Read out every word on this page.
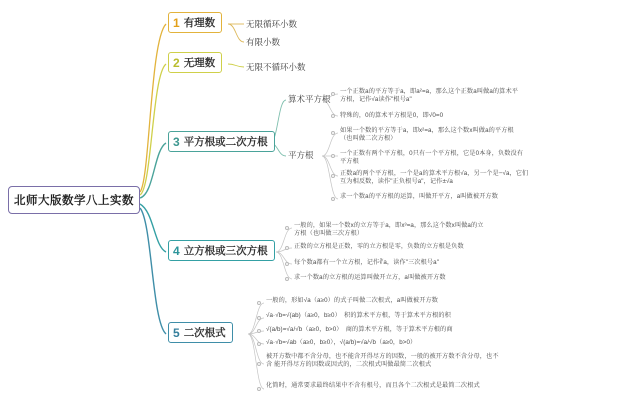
北师大版数学八上实数
1 有理数	无限循环小数
有限小数
2 无理数	无限不循环小数
3 平方根或二次方根
算术平方根
一个正数a的平方等于a，即a²=a，那么这个正数a叫做a的算术平方根，记作√a读作"根号a"
特殊的，0的算术平方根是0，即√0=0
平方根
如果一个数的平方等于a，即x²=a，那么这个数x叫做a的平方根（也叫做二次方根）
一个正数有两个平方根，0只有一个平方根，它是0本身，负数没有平方根
正数a的两个平方根，一个是a的算术平方根√a，另一个是−√a，它们互为相反数，读作"正负根号a"，记作±√a
求一个数a的平方根的运算，叫做开平方，a叫做被开方数
4 立方根或三次方根
一般的，如果一个数x的立方等于a，即x³=a，那么这个数x叫做a的立方根（也叫做三次方根）
正数的立方根是正数，零的立方根是零，负数的立方根是负数
每个数a都有一个立方根，记作∛a，读作"三次根号a"
求一个数a的立方根的运算叫做开立方，a叫做被开方数
5 二次根式
一般的，形如√a（a≥0）的式子叫做二次根式，a叫做被开方数
√a·√b=√(ab)（a≥0，b≥0）　积的算术平方根，等于算术平方根的积
√(a/b)=√a/√b（a≥0，b>0）　商的算术平方根，等于算术平方根的商
√a·√b=√ab（a≥0，b≥0），√(a/b)=√a/√b（a≥0，b>0）
被开方数中都不含分母，也不能含开得尽方的因数，一般的被开方数不含分母，也不含 能开得尽方的因数或因式的，二次根式叫做最简二次根式
化简时，通常要求最终结果中不含有根号，而且各个二次根式是最简二次根式
